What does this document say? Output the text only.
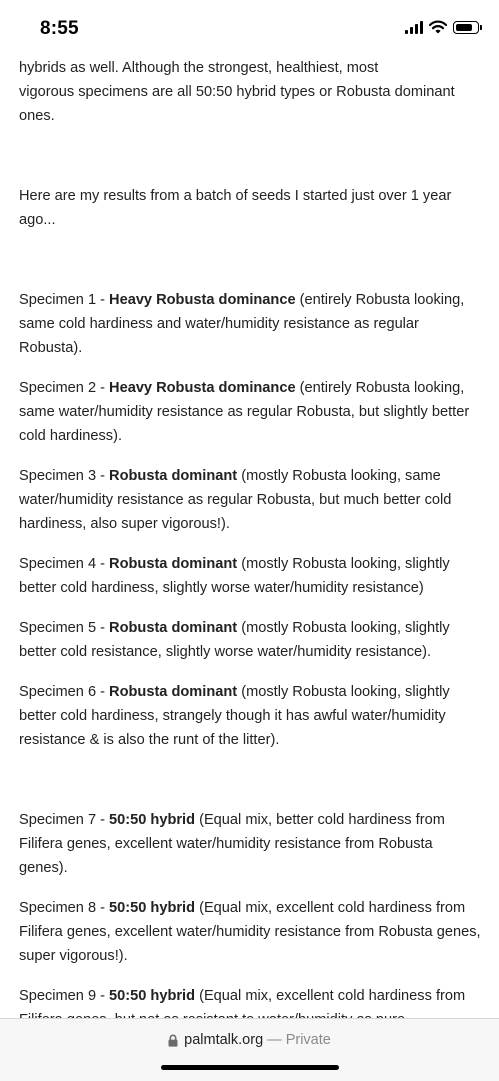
8:55

hybrids as well. Although the strongest, healthiest, most

vigorous specimens are all 50:50 hybrid types or Robusta dominant

ones.

Here are my results from a batch of seeds I started just over 1 year ago...

Specimen 1 - Heavy Robusta dominance (entirely Robusta looking, same cold hardiness and water/humidity resistance as regular Robusta).

Specimen 2 - Heavy Robusta dominance (entirely Robusta looking, same water/humidity resistance as regular Robusta, but slightly better cold hardiness).

Specimen 3 - Robusta dominant (mostly Robusta looking, same water/humidity resistance as regular Robusta, but much better cold hardiness, also super vigorous!).

Specimen 4 - Robusta dominant (mostly Robusta looking, slightly better cold hardiness, slightly worse water/humidity resistance)

Specimen 5 - Robusta dominant (mostly Robusta looking, slightly better cold resistance, slightly worse water/humidity resistance).

Specimen 6 - Robusta dominant (mostly Robusta looking, slightly better cold hardiness, strangely though it has awful water/humidity resistance & is also the runt of the litter).

Specimen 7 - 50:50 hybrid (Equal mix, better cold hardiness from Filifera genes, excellent water/humidity resistance from Robusta genes).

Specimen 8 - 50:50 hybrid (Equal mix, excellent cold hardiness from Filifera genes, excellent water/humidity resistance from Robusta genes, super vigorous!).

Specimen 9 - 50:50 hybrid (Equal mix, excellent cold hardiness from

palmtalk.org — Private
